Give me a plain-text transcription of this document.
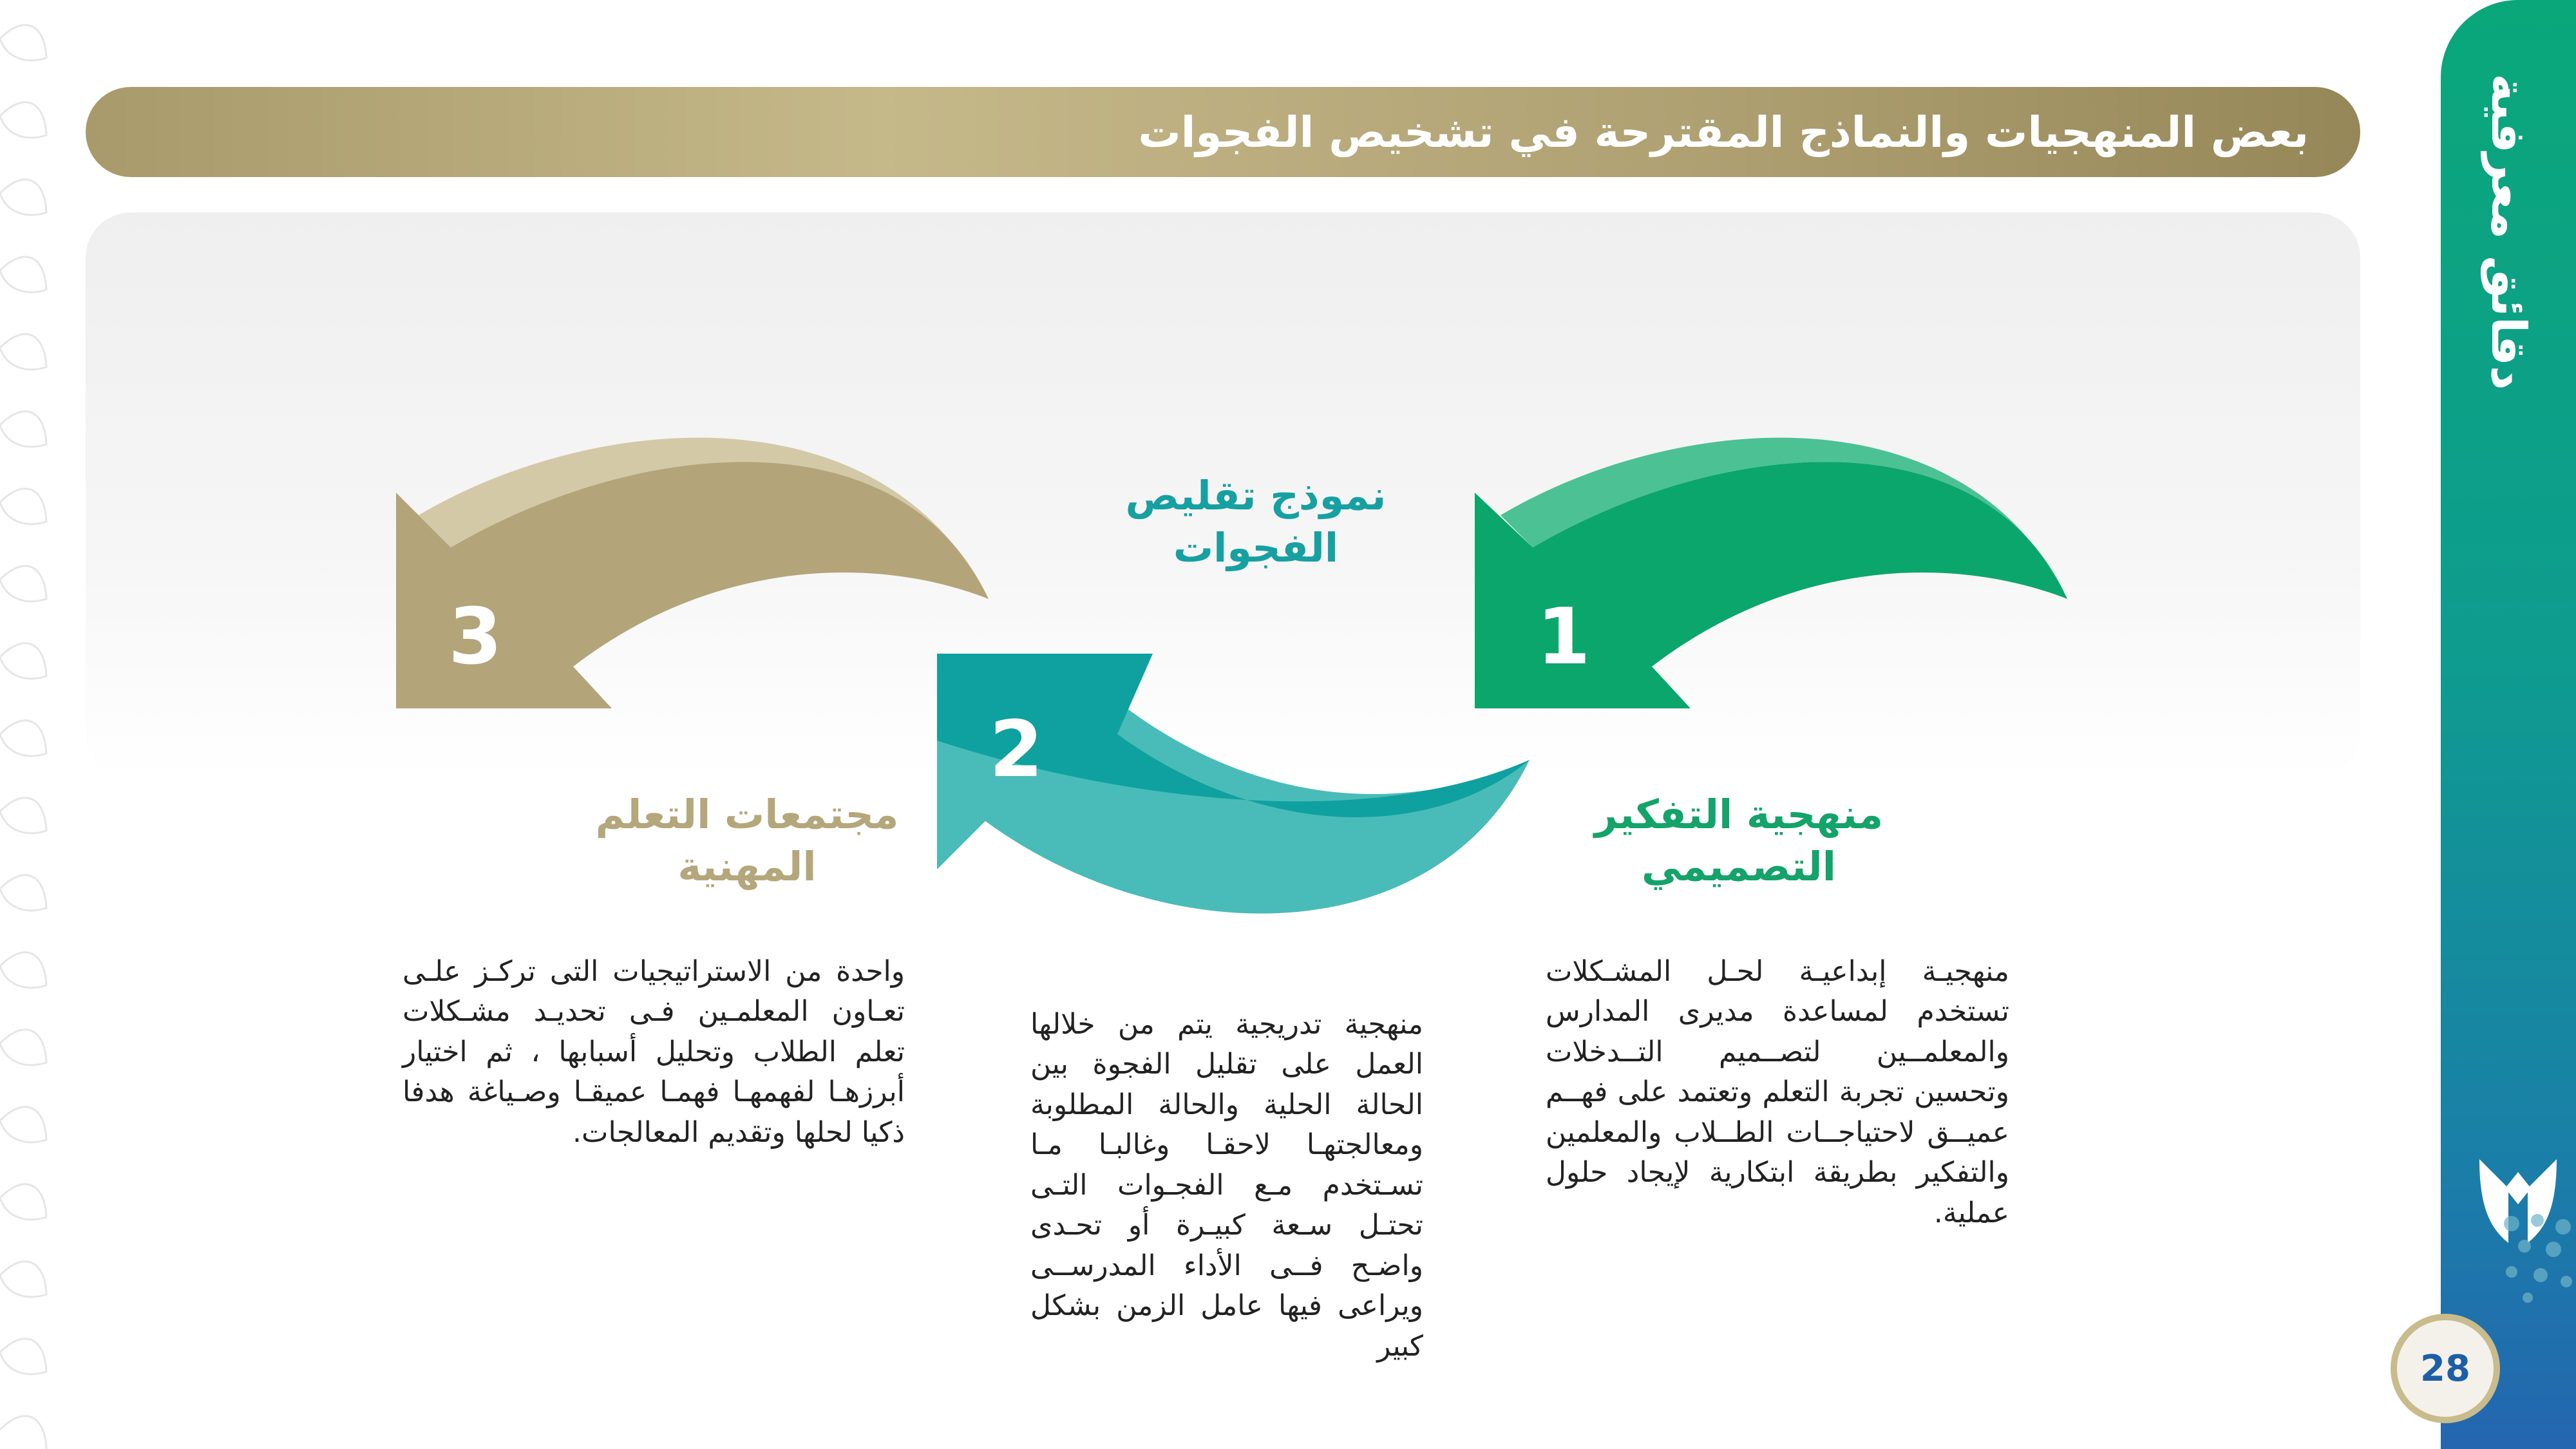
دقائق معرفية
28
بعض المنهجيات والنماذج المقترحة في تشخيص الفجوات
1
2
3
منهجية التفكير التصميمي
نموذج تقليص الفجوات
مجتمعات التعلم المهنية
منهجيـة إبداعيـة لحـل المشـكلات تستخدم لمساعدة مديرى المدارس والمعلمــين لتصــميم التــدخلات وتحسين تجربة التعلم وتعتمد على فهــم عميــق لاحتياجــات الطــلاب والمعلمين والتفكير بطريقة ابتكارية لإيجاد حلول عملية.
منهجية تدريجية يتم من خلالها العمل على تقليل الفجوة بين الحالة الحلية والحالة المطلوبة ومعالجتهـا لاحقـا وغالبـا مـا تسـتخدم مـع الفجـوات التـى تحتـل سـعة كبيـرة أو تحـدى واضـح فــى الأداء المدرســى ويراعى فيها عامل الزمن بشكل كبير
واحدة من الاستراتيجيات التى تركـز علـى تعـاون المعلمـين فـى تحديـد مشـكلات تعلم الطلاب وتحليل أسبابها ، ثم اختيار أبرزهـا لفهمهـا فهمـا عميقـا وصـياغة هدفا ذكيا لحلها وتقديم المعالجات.
